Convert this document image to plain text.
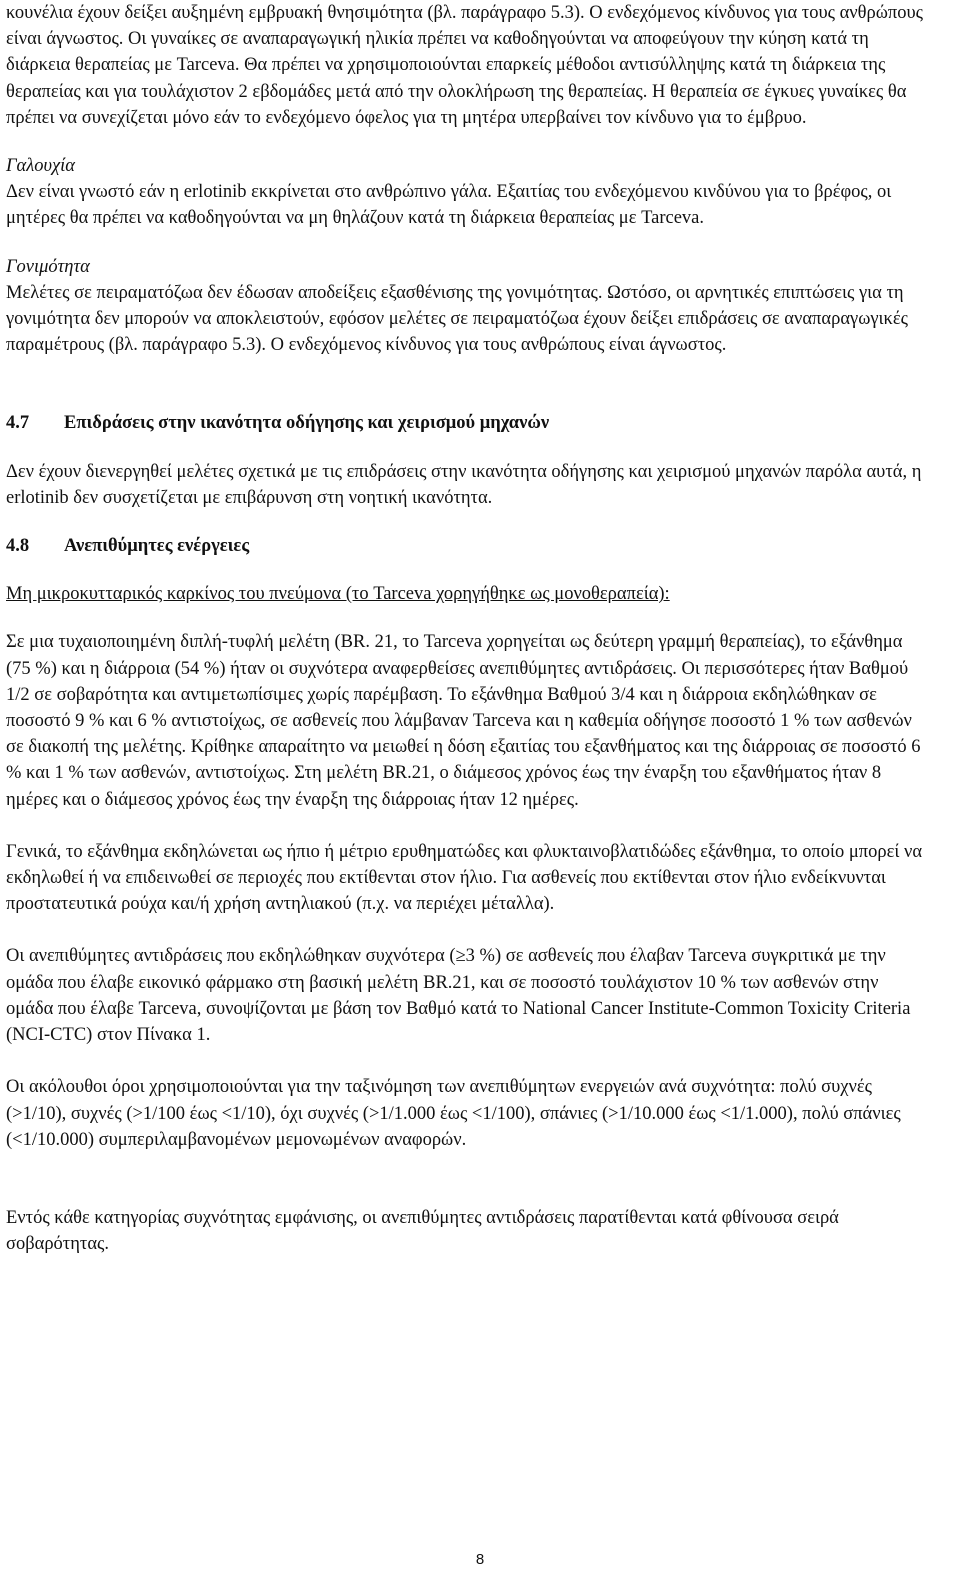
κουνέλια έχουν δείξει αυξημένη εμβρυακή θνησιμότητα (βλ. παράγραφο 5.3). Ο ενδεχόμενος κίνδυνος για τους ανθρώπους είναι άγνωστος. Οι γυναίκες σε αναπαραγωγική ηλικία πρέπει να καθοδηγούνται να αποφεύγουν την κύηση κατά τη διάρκεια θεραπείας με Tarceva. Θα πρέπει να χρησιμοποιούνται επαρκείς μέθοδοι αντισύλληψης κατά τη διάρκεια της θεραπείας και για τουλάχιστον 2 εβδομάδες μετά από την ολοκλήρωση της θεραπείας. Η θεραπεία σε έγκυες γυναίκες θα πρέπει να συνεχίζεται μόνο εάν το ενδεχόμενο όφελος για τη μητέρα υπερβαίνει τον κίνδυνο για το έμβρυο.

Γαλουχία

Δεν είναι γνωστό εάν η erlotinib εκκρίνεται στο ανθρώπινο γάλα. Εξαιτίας του ενδεχόμενου κινδύνου για το βρέφος, οι μητέρες θα πρέπει να καθοδηγούνται να μη θηλάζουν κατά τη διάρκεια θεραπείας με Tarceva.

Γονιμότητα

Μελέτες σε πειραματόζωα δεν έδωσαν αποδείξεις εξασθένισης της γονιμότητας. Ωστόσο, οι αρνητικές επιπτώσεις για τη γονιμότητα δεν μπορούν να αποκλειστούν, εφόσον μελέτες σε πειραματόζωα έχουν δείξει επιδράσεις σε αναπαραγωγικές παραμέτρους (βλ. παράγραφο 5.3). Ο ενδεχόμενος κίνδυνος για τους ανθρώπους είναι άγνωστος.

4.7	Επιδράσεις στην ικανότητα οδήγησης και χειρισμού μηχανών

Δεν έχουν διενεργηθεί μελέτες σχετικά με τις επιδράσεις στην ικανότητα οδήγησης και χειρισμού μηχανών παρόλα αυτά, η erlotinib δεν συσχετίζεται με επιβάρυνση στη νοητική ικανότητα.

4.8	Ανεπιθύμητες ενέργειες

Μη μικροκυτταρικός καρκίνος του πνεύμονα (το Tarceva χορηγήθηκε ως μονοθεραπεία):

Σε μια τυχαιοποιημένη διπλή-τυφλή μελέτη (BR. 21, το Tarceva χορηγείται ως δεύτερη γραμμή θεραπείας), το εξάνθημα (75 %) και η διάρροια (54 %) ήταν οι συχνότερα αναφερθείσες ανεπιθύμητες αντιδράσεις. Οι περισσότερες ήταν Βαθμού 1/2 σε σοβαρότητα και αντιμετωπίσιμες χωρίς παρέμβαση. Το εξάνθημα Βαθμού 3/4 και η διάρροια εκδηλώθηκαν σε ποσοστό 9 % και 6 % αντιστοίχως, σε ασθενείς που λάμβαναν Tarceva και η καθεμία οδήγησε ποσοστό 1 % των ασθενών σε διακοπή της μελέτης. Κρίθηκε απαραίτητο να μειωθεί η δόση εξαιτίας του εξανθήματος και της διάρροιας σε ποσοστό 6 % και 1 % των ασθενών, αντιστοίχως. Στη μελέτη BR.21, ο διάμεσος χρόνος έως την έναρξη του εξανθήματος ήταν 8 ημέρες και ο διάμεσος χρόνος έως την έναρξη της διάρροιας ήταν 12 ημέρες.

Γενικά, το εξάνθημα εκδηλώνεται ως ήπιο ή μέτριο ερυθηματώδες και φλυκταινοβλατιδώδες εξάνθημα, το οποίο μπορεί να εκδηλωθεί ή να επιδεινωθεί σε περιοχές που εκτίθενται στον ήλιο. Για ασθενείς που εκτίθενται στον ήλιο ενδείκνυνται προστατευτικά ρούχα και/ή χρήση αντηλιακού (π.χ. να περιέχει μέταλλα).

Οι ανεπιθύμητες αντιδράσεις που εκδηλώθηκαν συχνότερα (≥3 %) σε ασθενείς που έλαβαν Tarceva συγκριτικά με την ομάδα που έλαβε εικονικό φάρμακο στη βασική μελέτη BR.21, και σε ποσοστό τουλάχιστον 10 % των ασθενών στην ομάδα που έλαβε Tarceva, συνοψίζονται με βάση τον Βαθμό κατά το National Cancer Institute-Common Toxicity Criteria (NCI-CTC) στον Πίνακα 1.

Οι ακόλουθοι όροι χρησιμοποιούνται για την ταξινόμηση των ανεπιθύμητων ενεργειών ανά συχνότητα: πολύ συχνές (>1/10), συχνές (>1/100 έως <1/10), όχι συχνές (>1/1.000 έως <1/100), σπάνιες (>1/10.000 έως <1/1.000), πολύ σπάνιες (<1/10.000) συμπεριλαμβανομένων μεμονωμένων αναφορών.

Εντός κάθε κατηγορίας συχνότητας εμφάνισης, οι ανεπιθύμητες αντιδράσεις παρατίθενται κατά φθίνουσα σειρά σοβαρότητας.

8
